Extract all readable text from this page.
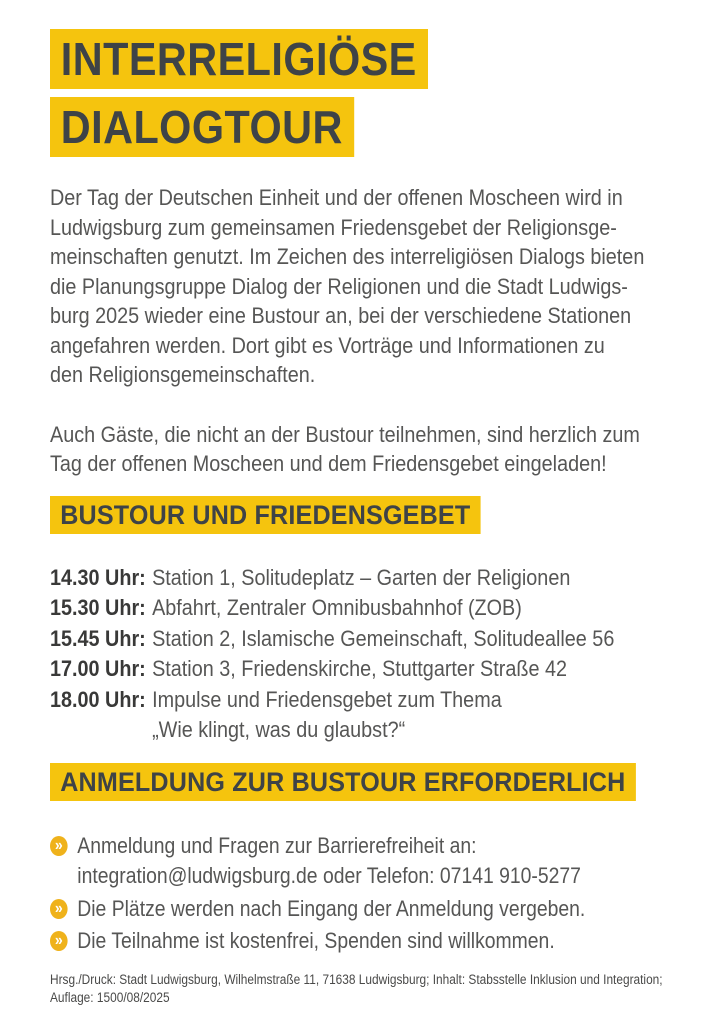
INTERRELIGIÖSE
DIALOGTOUR
Der Tag der Deutschen Einheit und der offenen Moscheen wird in
Ludwigsburg zum gemeinsamen Friedensgebet der Religionsge-
meinschaften genutzt. Im Zeichen des interreligiösen Dialogs bieten
die Planungsgruppe Dialog der Religionen und die Stadt Ludwigs-
burg 2025 wieder eine Bustour an, bei der verschiedene Stationen
angefahren werden. Dort gibt es Vorträge und Informationen zu
den Religionsgemeinschaften.
Auch Gäste, die nicht an der Bustour teilnehmen, sind herzlich zum
Tag der offenen Moscheen und dem Friedensgebet eingeladen!
BUSTOUR UND FRIEDENSGEBET
14.30 Uhr: Station 1, Solitudeplatz – Garten der Religionen
15.30 Uhr: Abfahrt, Zentraler Omnibusbahnhof (ZOB)
15.45 Uhr: Station 2, Islamische Gemeinschaft, Solitudeallee 56
17.00 Uhr: Station 3, Friedenskirche, Stuttgarter Straße 42
18.00 Uhr: Impulse und Friedensgebet zum Thema
„Wie klingt, was du glaubst?“
ANMELDUNG ZUR BUSTOUR ERFORDERLICH
» Anmeldung und Fragen zur Barrierefreiheit an:
integration@ludwigsburg.de oder Telefon: 07141 910-5277
» Die Plätze werden nach Eingang der Anmeldung vergeben.
» Die Teilnahme ist kostenfrei, Spenden sind willkommen.
Hrsg./Druck: Stadt Ludwigsburg, Wilhelmstraße 11, 71638 Ludwigsburg; Inhalt: Stabsstelle Inklusion und Integration;
Auflage: 1500/08/2025
